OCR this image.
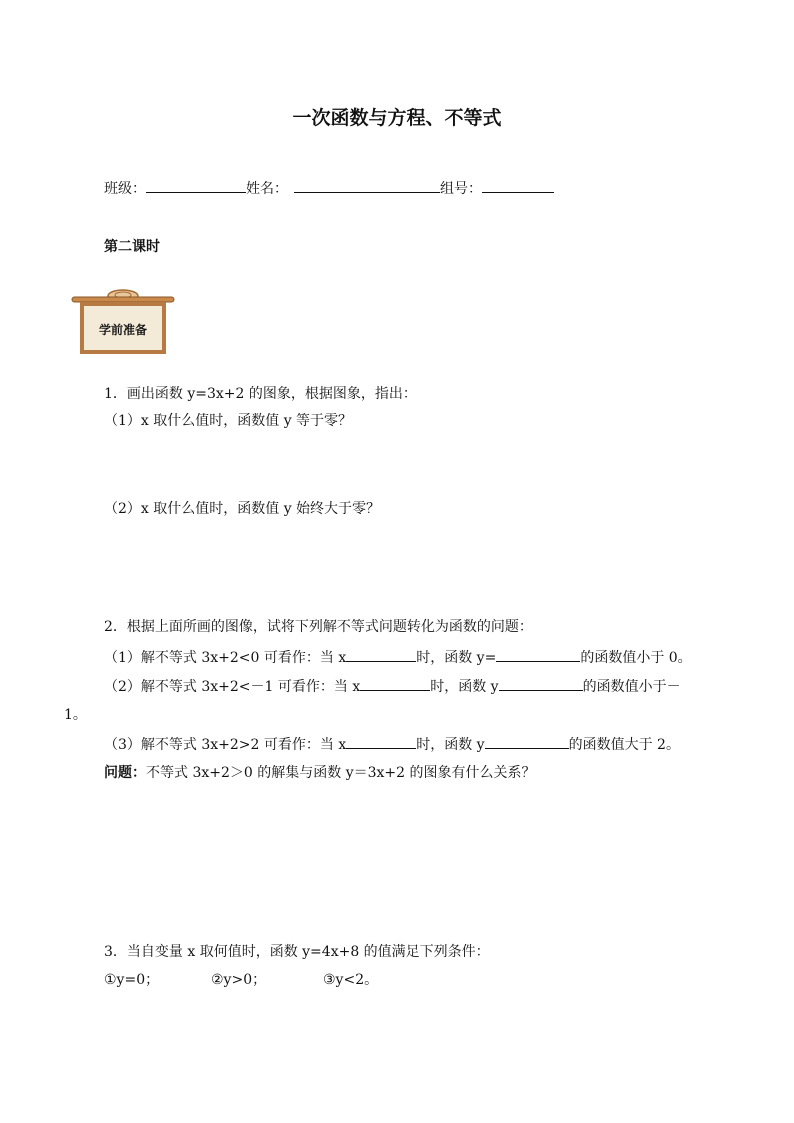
一次函数与方程、不等式
班级：	姓名：	组号：
第二课时
学前准备
1．画出函数 y=3x+2 的图象，根据图象，指出：
（1）x 取什么值时，函数值 y 等于零？
（2）x 取什么值时，函数值 y 始终大于零？
2．根据上面所画的图像，试将下列解不等式问题转化为函数的问题：
（1）解不等式 3x+2<0 可看作：当 x	时，函数 y=	的函数值小于 0。
（2）解不等式 3x+2<－1 可看作：当 x	时，函数 y	的函数值小于－
1。
（3）解不等式 3x+2>2 可看作：当 x	时，函数 y	的函数值大于 2。
问题：不等式 3x+2＞0 的解集与函数 y＝3x+2 的图象有什么关系？
3．当自变量 x 取何值时，函数 y=4x+8 的值满足下列条件：
①y=0；	②y>0；	③y<2。
